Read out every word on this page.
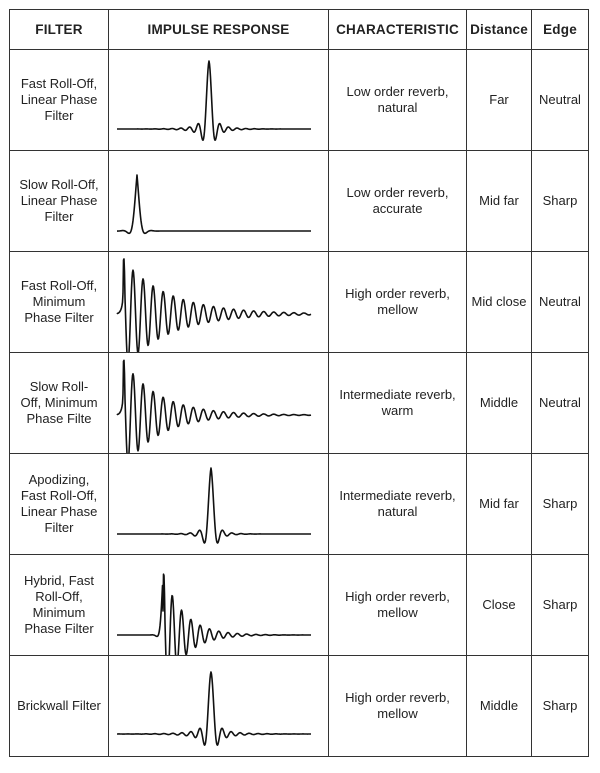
FILTER	IMPULSE RESPONSE	CHARACTERISTIC	Distance	Edge
Fast Roll-Off,
Linear Phase
Filter		Low order reverb,
natural	Far	Neutral
Slow Roll-Off,
Linear Phase
Filter		Low order reverb,
accurate	Mid far	Sharp
Fast Roll-Off,
Minimum
Phase Filter		High order reverb,
mellow	Mid close	Neutral
Slow Roll-
Off, Minimum
Phase Filte		Intermediate reverb,
warm	Middle	Neutral
Apodizing,
Fast Roll-Off,
Linear Phase
Filter		Intermediate reverb,
natural	Mid far	Sharp
Hybrid, Fast
Roll-Off,
Minimum
Phase Filter		High order reverb,
mellow	Close	Sharp
Brickwall Filter		High order reverb,
mellow	Middle	Sharp
